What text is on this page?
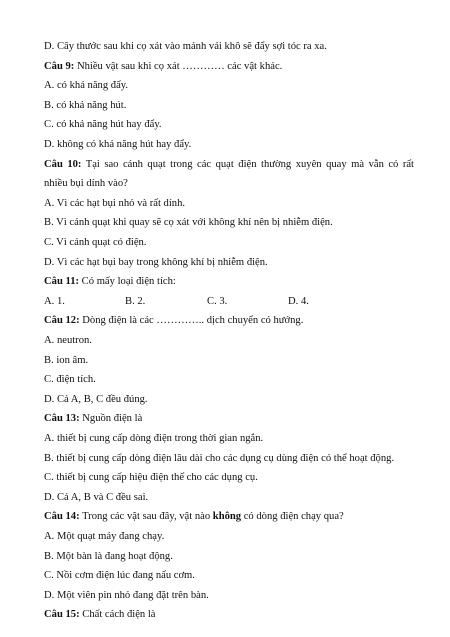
D. Cây thước sau khi cọ xát vào mảnh vải khô sẽ đẩy sợi tóc ra xa.
Câu 9: Nhiều vật sau khi cọ xát ………… các vật khác.
A. có khả năng đẩy.
B. có khả năng hút.
C. có khả năng hút hay đẩy.
D. không có khả năng hút hay đẩy.
Câu 10: Tại sao cánh quạt trong các quạt điện thường xuyên quay mà vẫn có rất
nhiều bụi dính vào?
A. Vì các hạt bụi nhỏ và rất dính.
B. Vì cánh quạt khi quay sẽ cọ xát với không khí nên bị nhiễm điện.
C. Vì cánh quạt có điện.
D. Vì các hạt bụi bay trong không khí bị nhiễm điện.
Câu 11: Có mấy loại điện tích:
A. 1.	B. 2.	C. 3.	D. 4.
Câu 12: Dòng điện là các ………….. dịch chuyển có hướng.
A. neutron.
B. ion âm.
C. điện tích.
D. Cả A, B, C đều đúng.
Câu 13: Nguồn điện là
A. thiết bị cung cấp dòng điện trong thời gian ngắn.
B. thiết bị cung cấp dòng điện lâu dài cho các dụng cụ dùng điện có thể hoạt động.
C. thiết bị cung cấp hiệu điện thế cho các dụng cụ.
D. Cả A, B và C đều sai.
Câu 14: Trong các vật sau đây, vật nào không có dòng điện chạy qua?
A. Một quạt máy đang chạy.
B. Một bàn là đang hoạt động.
C. Nồi cơm điện lúc đang nấu cơm.
D. Một viên pin nhỏ đang đặt trên bàn.
Câu 15: Chất cách điện là
